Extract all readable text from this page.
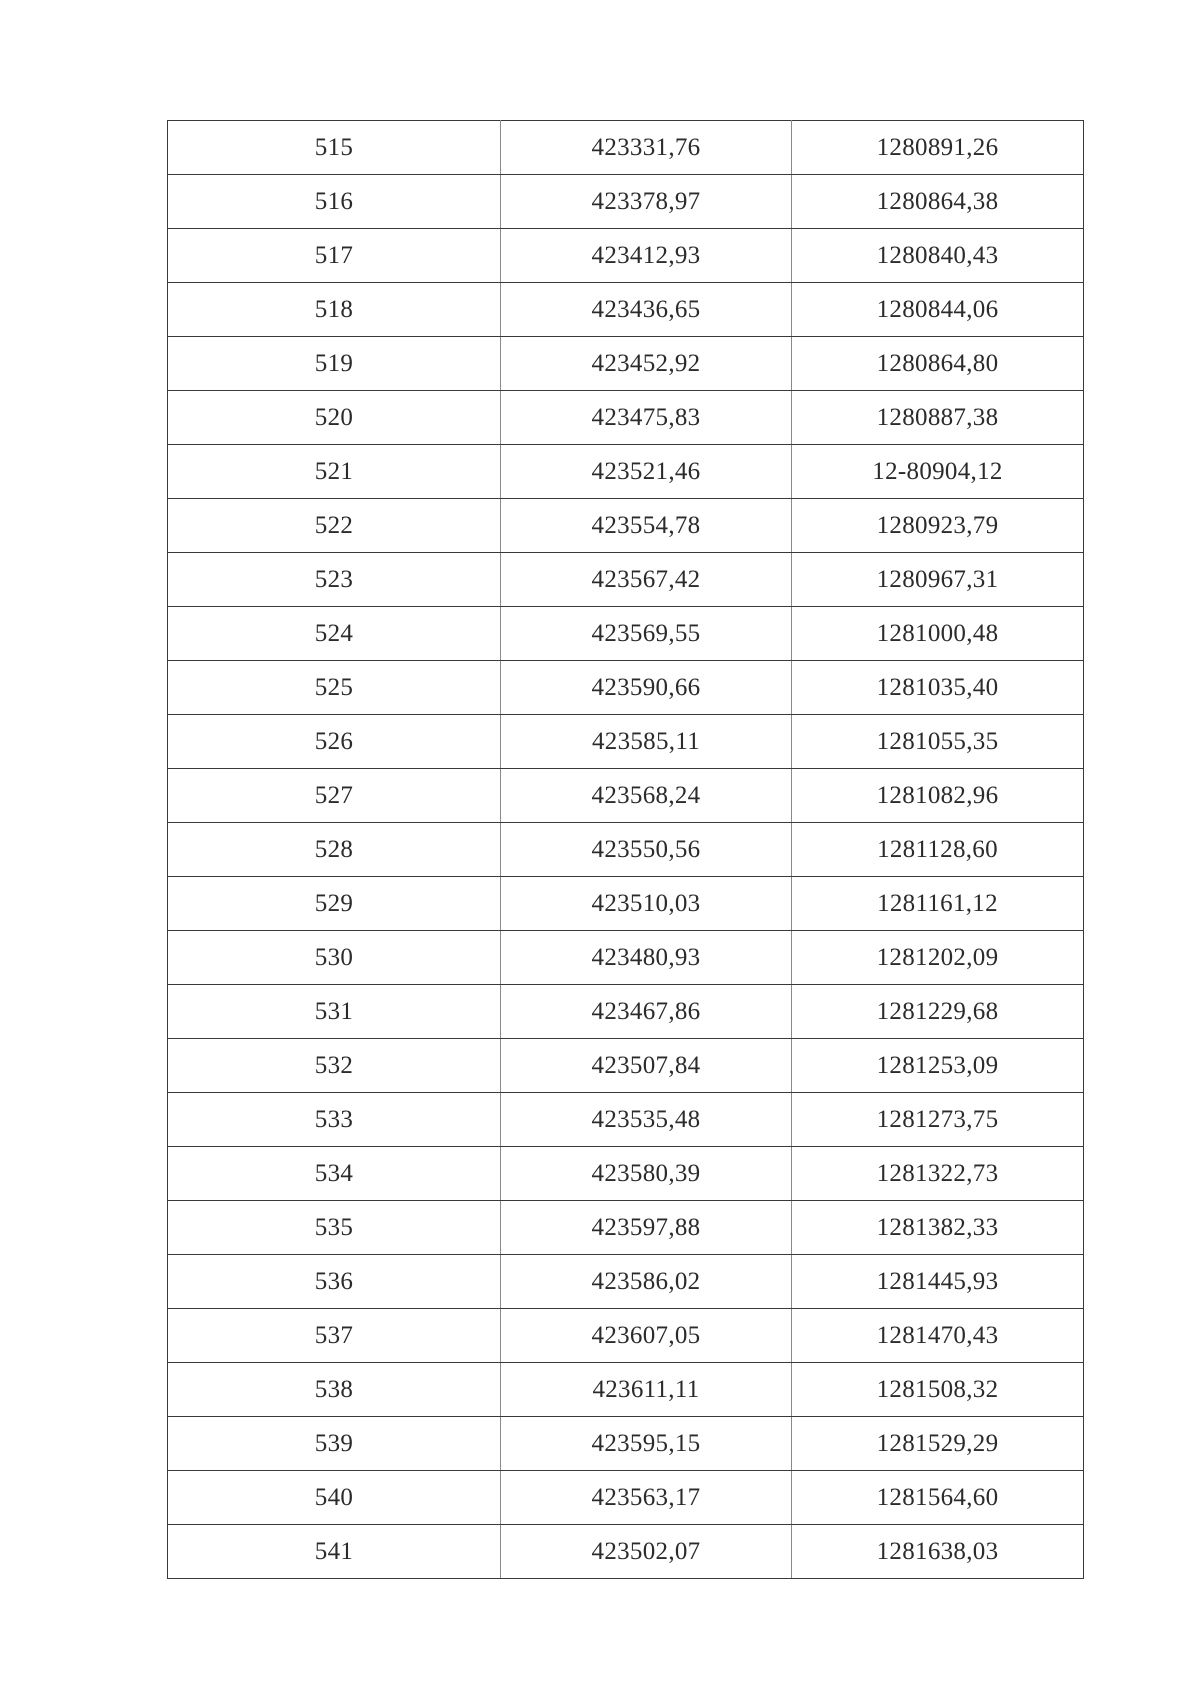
515	423331,76	1280891,26
516	423378,97	1280864,38
517	423412,93	1280840,43
518	423436,65	1280844,06
519	423452,92	1280864,80
520	423475,83	1280887,38
521	423521,46	12-80904,12
522	423554,78	1280923,79
523	423567,42	1280967,31
524	423569,55	1281000,48
525	423590,66	1281035,40
526	423585,11	1281055,35
527	423568,24	1281082,96
528	423550,56	1281128,60
529	423510,03	1281161,12
530	423480,93	1281202,09
531	423467,86	1281229,68
532	423507,84	1281253,09
533	423535,48	1281273,75
534	423580,39	1281322,73
535	423597,88	1281382,33
536	423586,02	1281445,93
537	423607,05	1281470,43
538	423611,11	1281508,32
539	423595,15	1281529,29
540	423563,17	1281564,60
541	423502,07	1281638,03
